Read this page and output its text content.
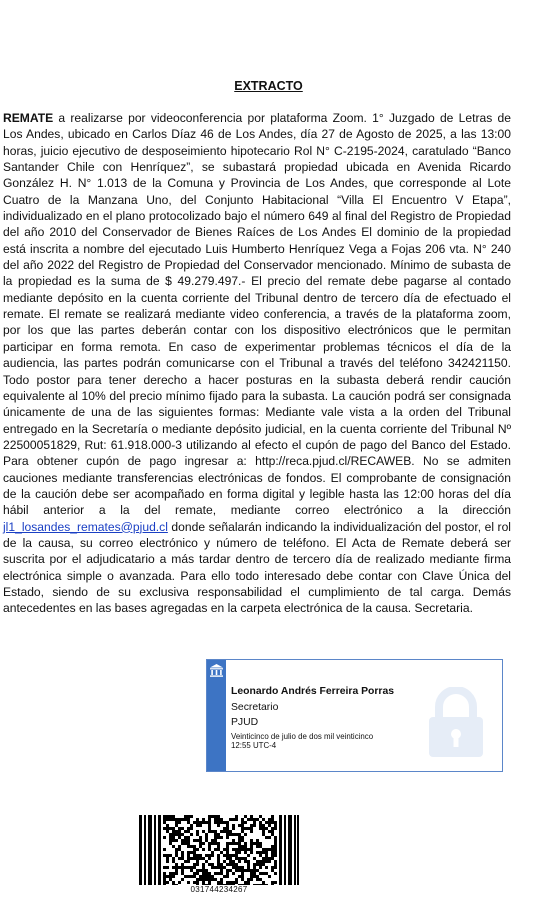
EXTRACTO
REMATE a realizarse por videoconferencia por plataforma Zoom. 1° Juzgado de Letras de Los Andes, ubicado en Carlos Díaz 46 de Los Andes, día 27 de Agosto de 2025, a las 13:00 horas, juicio ejecutivo de desposeimiento hipotecario Rol N° C-2195-2024, caratulado “Banco Santander Chile con Henríquez”, se subastará propiedad ubicada en Avenida Ricardo González H. N° 1.013 de la Comuna y Provincia de Los Andes, que corresponde al Lote Cuatro de la Manzana Uno, del Conjunto Habitacional “Villa El Encuentro V Etapa”, individualizado en el plano protocolizado bajo el número 649 al final del Registro de Propiedad del año 2010 del Conservador de Bienes Raíces de Los Andes El dominio de la propiedad está inscrita a nombre del ejecutado Luis Humberto Henríquez Vega a Fojas 206 vta. N° 240 del año 2022 del Registro de Propiedad del Conservador mencionado. Mínimo de subasta de la propiedad es la suma de $ 49.279.497.- El precio del remate debe pagarse al contado mediante depósito en la cuenta corriente del Tribunal dentro de tercero día de efectuado el remate. El remate se realizará mediante video conferencia, a través de la plataforma zoom, por los que las partes deberán contar con los dispositivo electrónicos que le permitan participar en forma remota. En caso de experimentar problemas técnicos el día de la audiencia, las partes podrán comunicarse con el Tribunal a través del teléfono 342421150. Todo postor para tener derecho a hacer posturas en la subasta deberá rendir caución equivalente al 10% del precio mínimo fijado para la subasta. La caución podrá ser consignada únicamente de una de las siguientes formas: Mediante vale vista a la orden del Tribunal entregado en la Secretaría o mediante depósito judicial, en la cuenta corriente del Tribunal Nº 22500051829, Rut: 61.918.000-3 utilizando al efecto el cupón de pago del Banco del Estado. Para obtener cupón de pago ingresar a: http://reca.pjud.cl/RECAWEB. No se admiten cauciones mediante transferencias electrónicas de fondos. El comprobante de consignación de la caución debe ser acompañado en forma digital y legible hasta las 12:00 horas del día hábil anterior a la del remate, mediante correo electrónico a la dirección jl1_losandes_remates@pjud.cl donde señalarán indicando la individualización del postor, el rol de la causa, su correo electrónico y número de teléfono. El Acta de Remate deberá ser suscrita por el adjudicatario a más tardar dentro de tercero día de realizado mediante firma electrónica simple o avanzada. Para ello todo interesado debe contar con Clave Única del Estado, siendo de su exclusiva responsabilidad el cumplimiento de tal carga. Demás antecedentes en las bases agregadas en la carpeta electrónica de la causa. Secretaria.
Leonardo Andrés Ferreira Porras
Secretario
PJUD
Veinticinco de julio de dos mil veinticinco
12:55 UTC-4
031744234267
